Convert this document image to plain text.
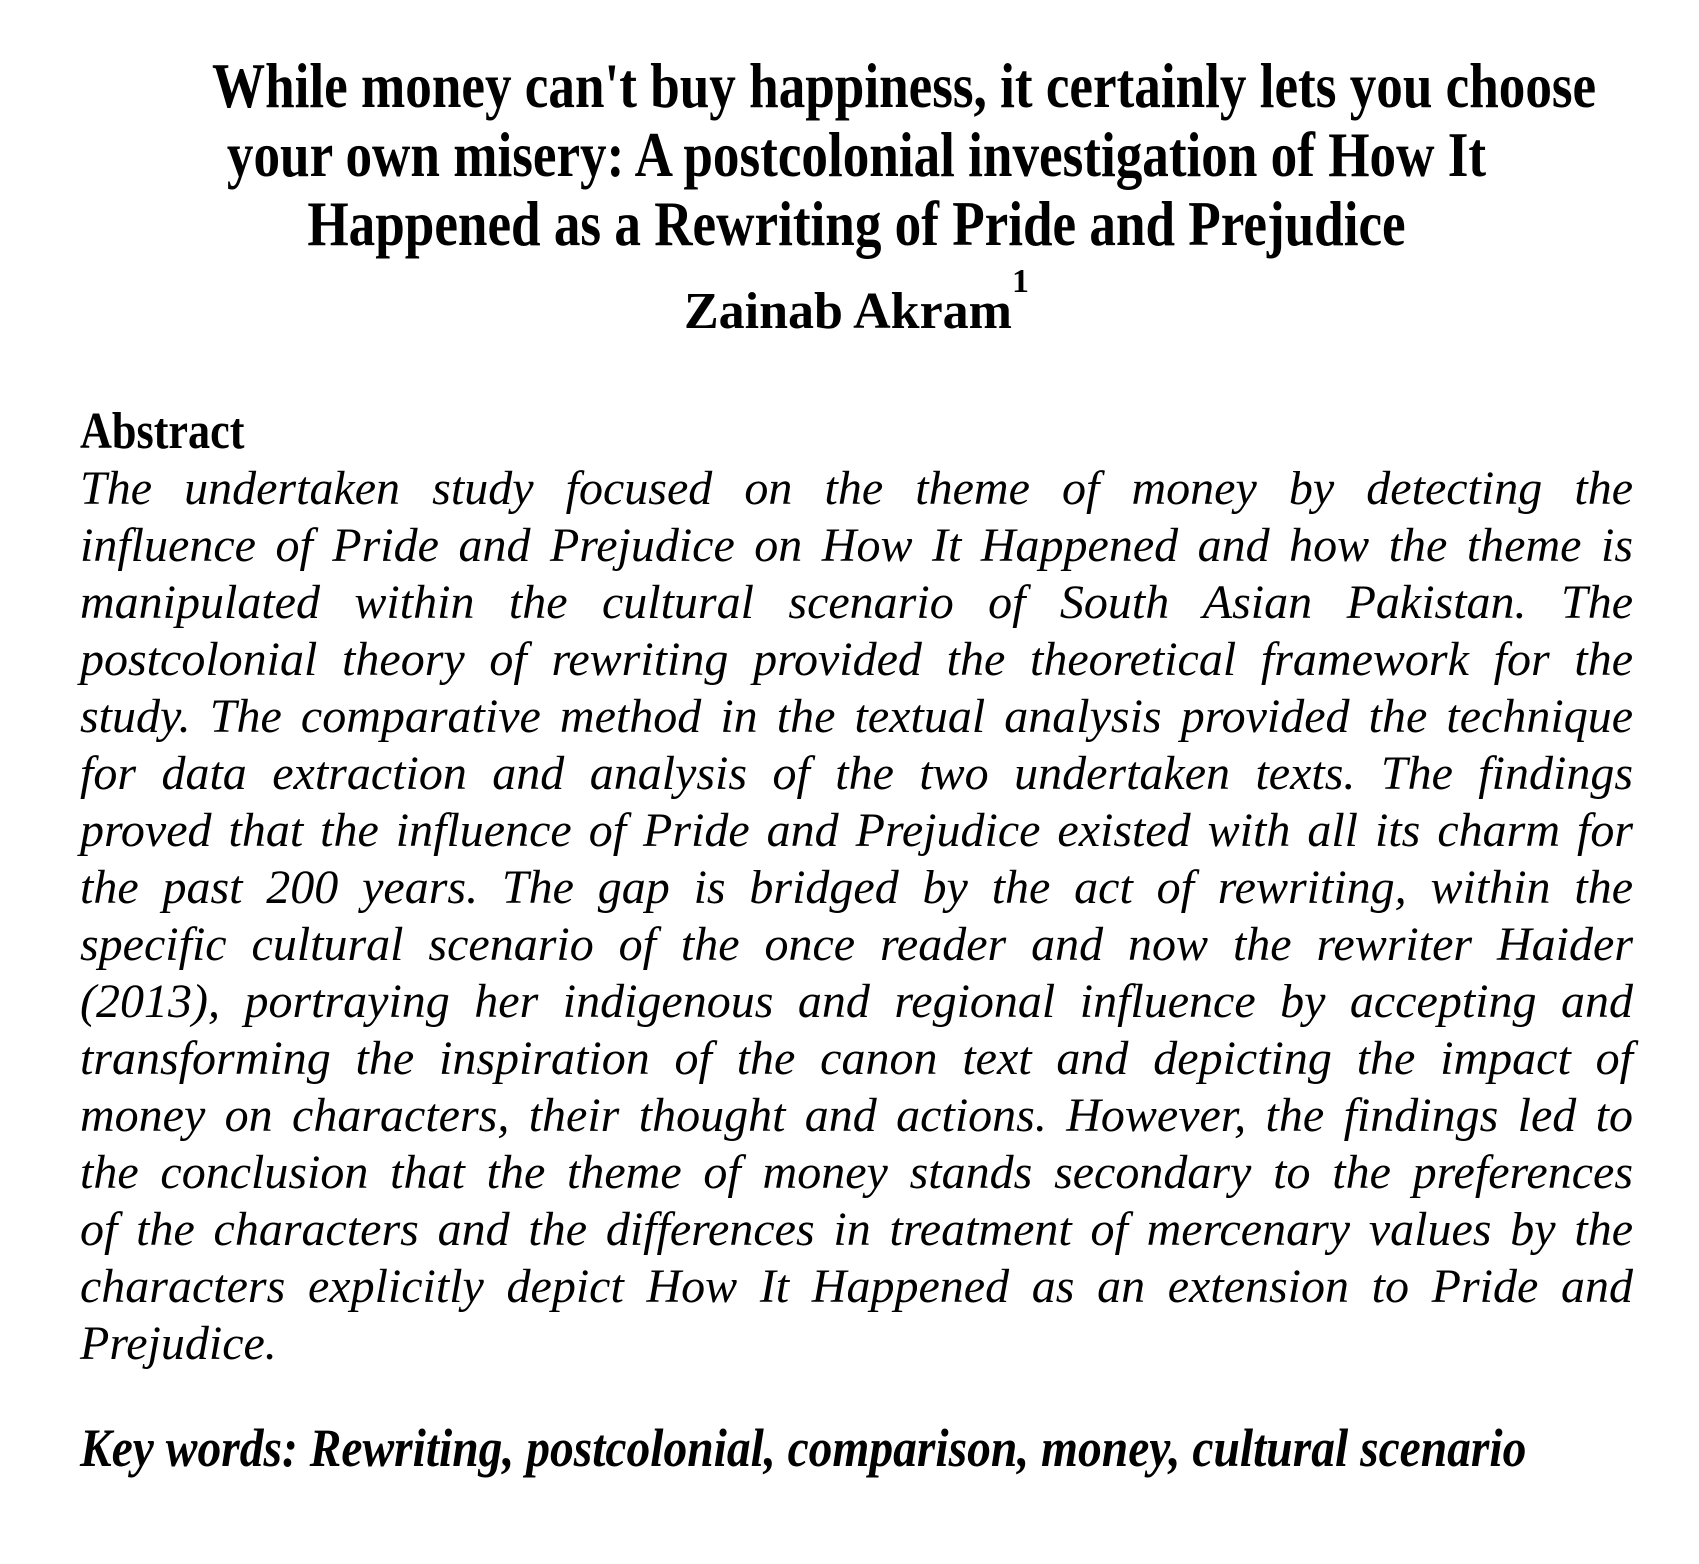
While money can't buy happiness, it certainly lets you choose
your own misery: A postcolonial investigation of How It
Happened as a Rewriting of Pride and Prejudice
Zainab Akram$^1$
Abstract
The undertaken study focused on the theme of money by detecting the
influence of Pride and Prejudice on How It Happened and how the theme is
manipulated within the cultural scenario of South Asian Pakistan. The
postcolonial theory of rewriting provided the theoretical framework for the
study. The comparative method in the textual analysis provided the technique
for data extraction and analysis of the two undertaken texts. The findings
proved that the influence of Pride and Prejudice existed with all its charm for
the past 200 years. The gap is bridged by the act of rewriting, within the
specific cultural scenario of the once reader and now the rewriter Haider
(2013), portraying her indigenous and regional influence by accepting and
transforming the inspiration of the canon text and depicting the impact of
money on characters, their thought and actions. However, the findings led to
the conclusion that the theme of money stands secondary to the preferences
of the characters and the differences in treatment of mercenary values by the
characters explicitly depict How It Happened as an extension to Pride and
Prejudice.
Key words: Rewriting, postcolonial, comparison, money, cultural scenario
